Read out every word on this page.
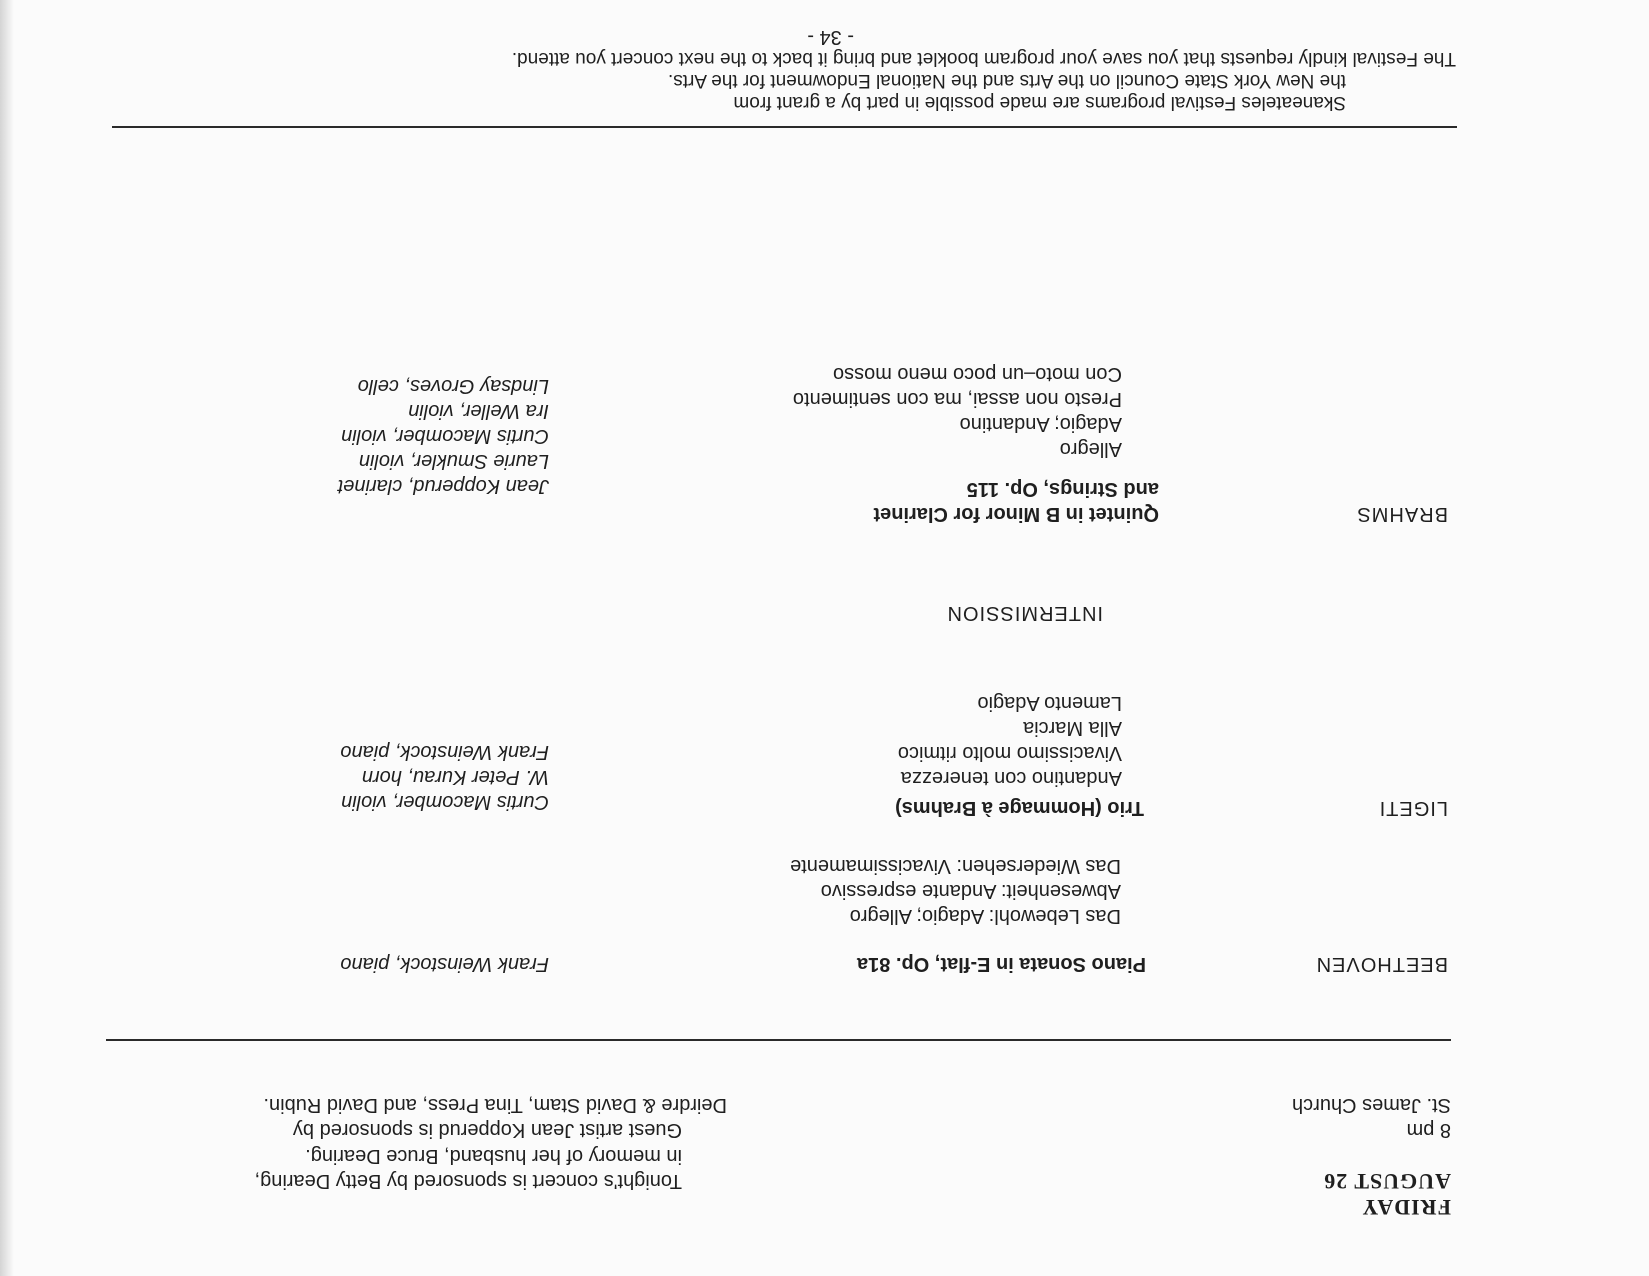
FRIDAY
AUGUST 26
8 pm
St. James Church
Tonight's concert is sponsored by Betty Dearing,
in memory of her husband, Bruce Dearing.
Guest artist Jean Kopperud is sponsored by
Deirdre & David Stam, Tina Press, and David Rubin.
BEETHOVEN
Piano Sonata in E-flat, Op. 81a
Das Lebewohl: Adagio; Allegro
Abwesenheit: Andante espressivo
Das Wiedersehen: Vivacissimamente
Frank Weinstock, piano
LIGETI
Trio (Hommage à Brahms)
Andantino con tenerezza
Vivacissimo molto ritmico
Alla Marcia
Lamento Adagio
Curtis Macomber, violin
W. Peter Kurau, horn
Frank Weinstock, piano
INTERMISSION
BRAHMS
Quintet in B Minor for Clarinet
and Strings, Op. 115
Allegro
Adagio; Andantino
Presto non assai, ma con sentimento
Con moto–un poco meno mosso
Jean Kopperud, clarinet
Laurie Smukler, violin
Curtis Macomber, violin
Ira Weller, violin
Lindsay Groves, cello
Skaneateles Festival programs are made possible in part by a grant from
the New York State Council on the Arts and the National Endowment for the Arts.
The Festival kindly requests that you save your program booklet and bring it back to the next concert you attend.
- 34 -
